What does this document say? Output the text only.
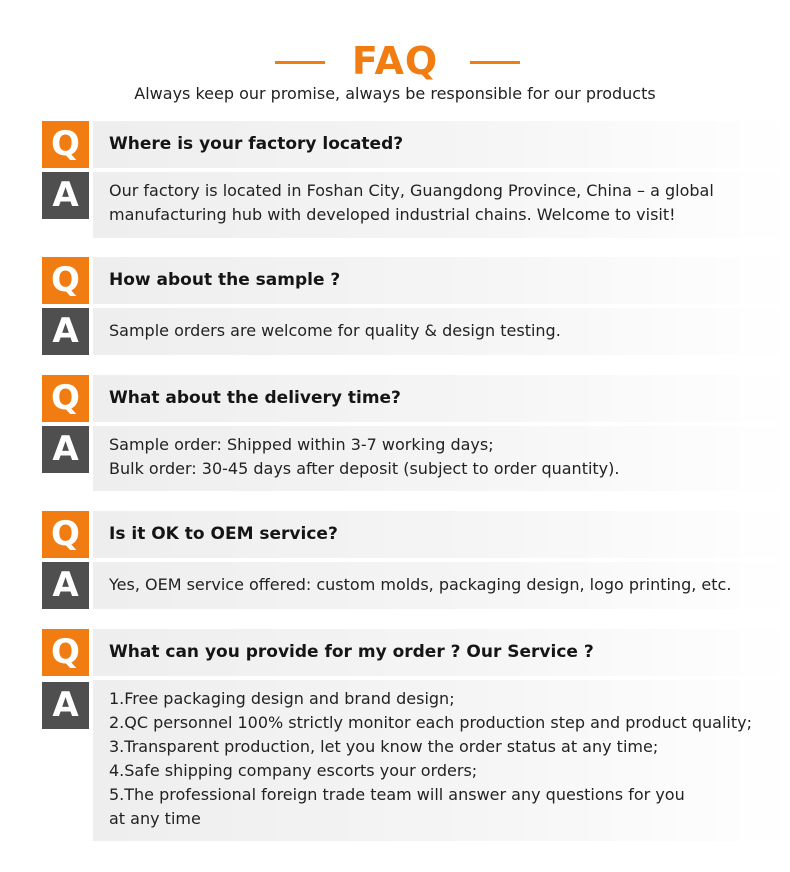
FAQ
Always keep our promise, always be responsible for our products
Q	Where is your factory located?
A	Our factory is located in Foshan City, Guangdong Province, China – a global
manufacturing hub with developed industrial chains. Welcome to visit!
Q	How about the sample ?
A	Sample orders are welcome for quality & design testing.
Q	What about the delivery time?
A	Sample order: Shipped within 3-7 working days;
Bulk order: 30-45 days after deposit (subject to order quantity).
Q	Is it OK to OEM service?
A	Yes, OEM service offered: custom molds, packaging design, logo printing, etc.
Q	What can you provide for my order ? Our Service ?
A	1.Free packaging design and brand design;
2.QC personnel 100% strictly monitor each production step and product quality;
3.Transparent production, let you know the order status at any time;
4.Safe shipping company escorts your orders;
5.The professional foreign trade team will answer any questions for you
at any time
